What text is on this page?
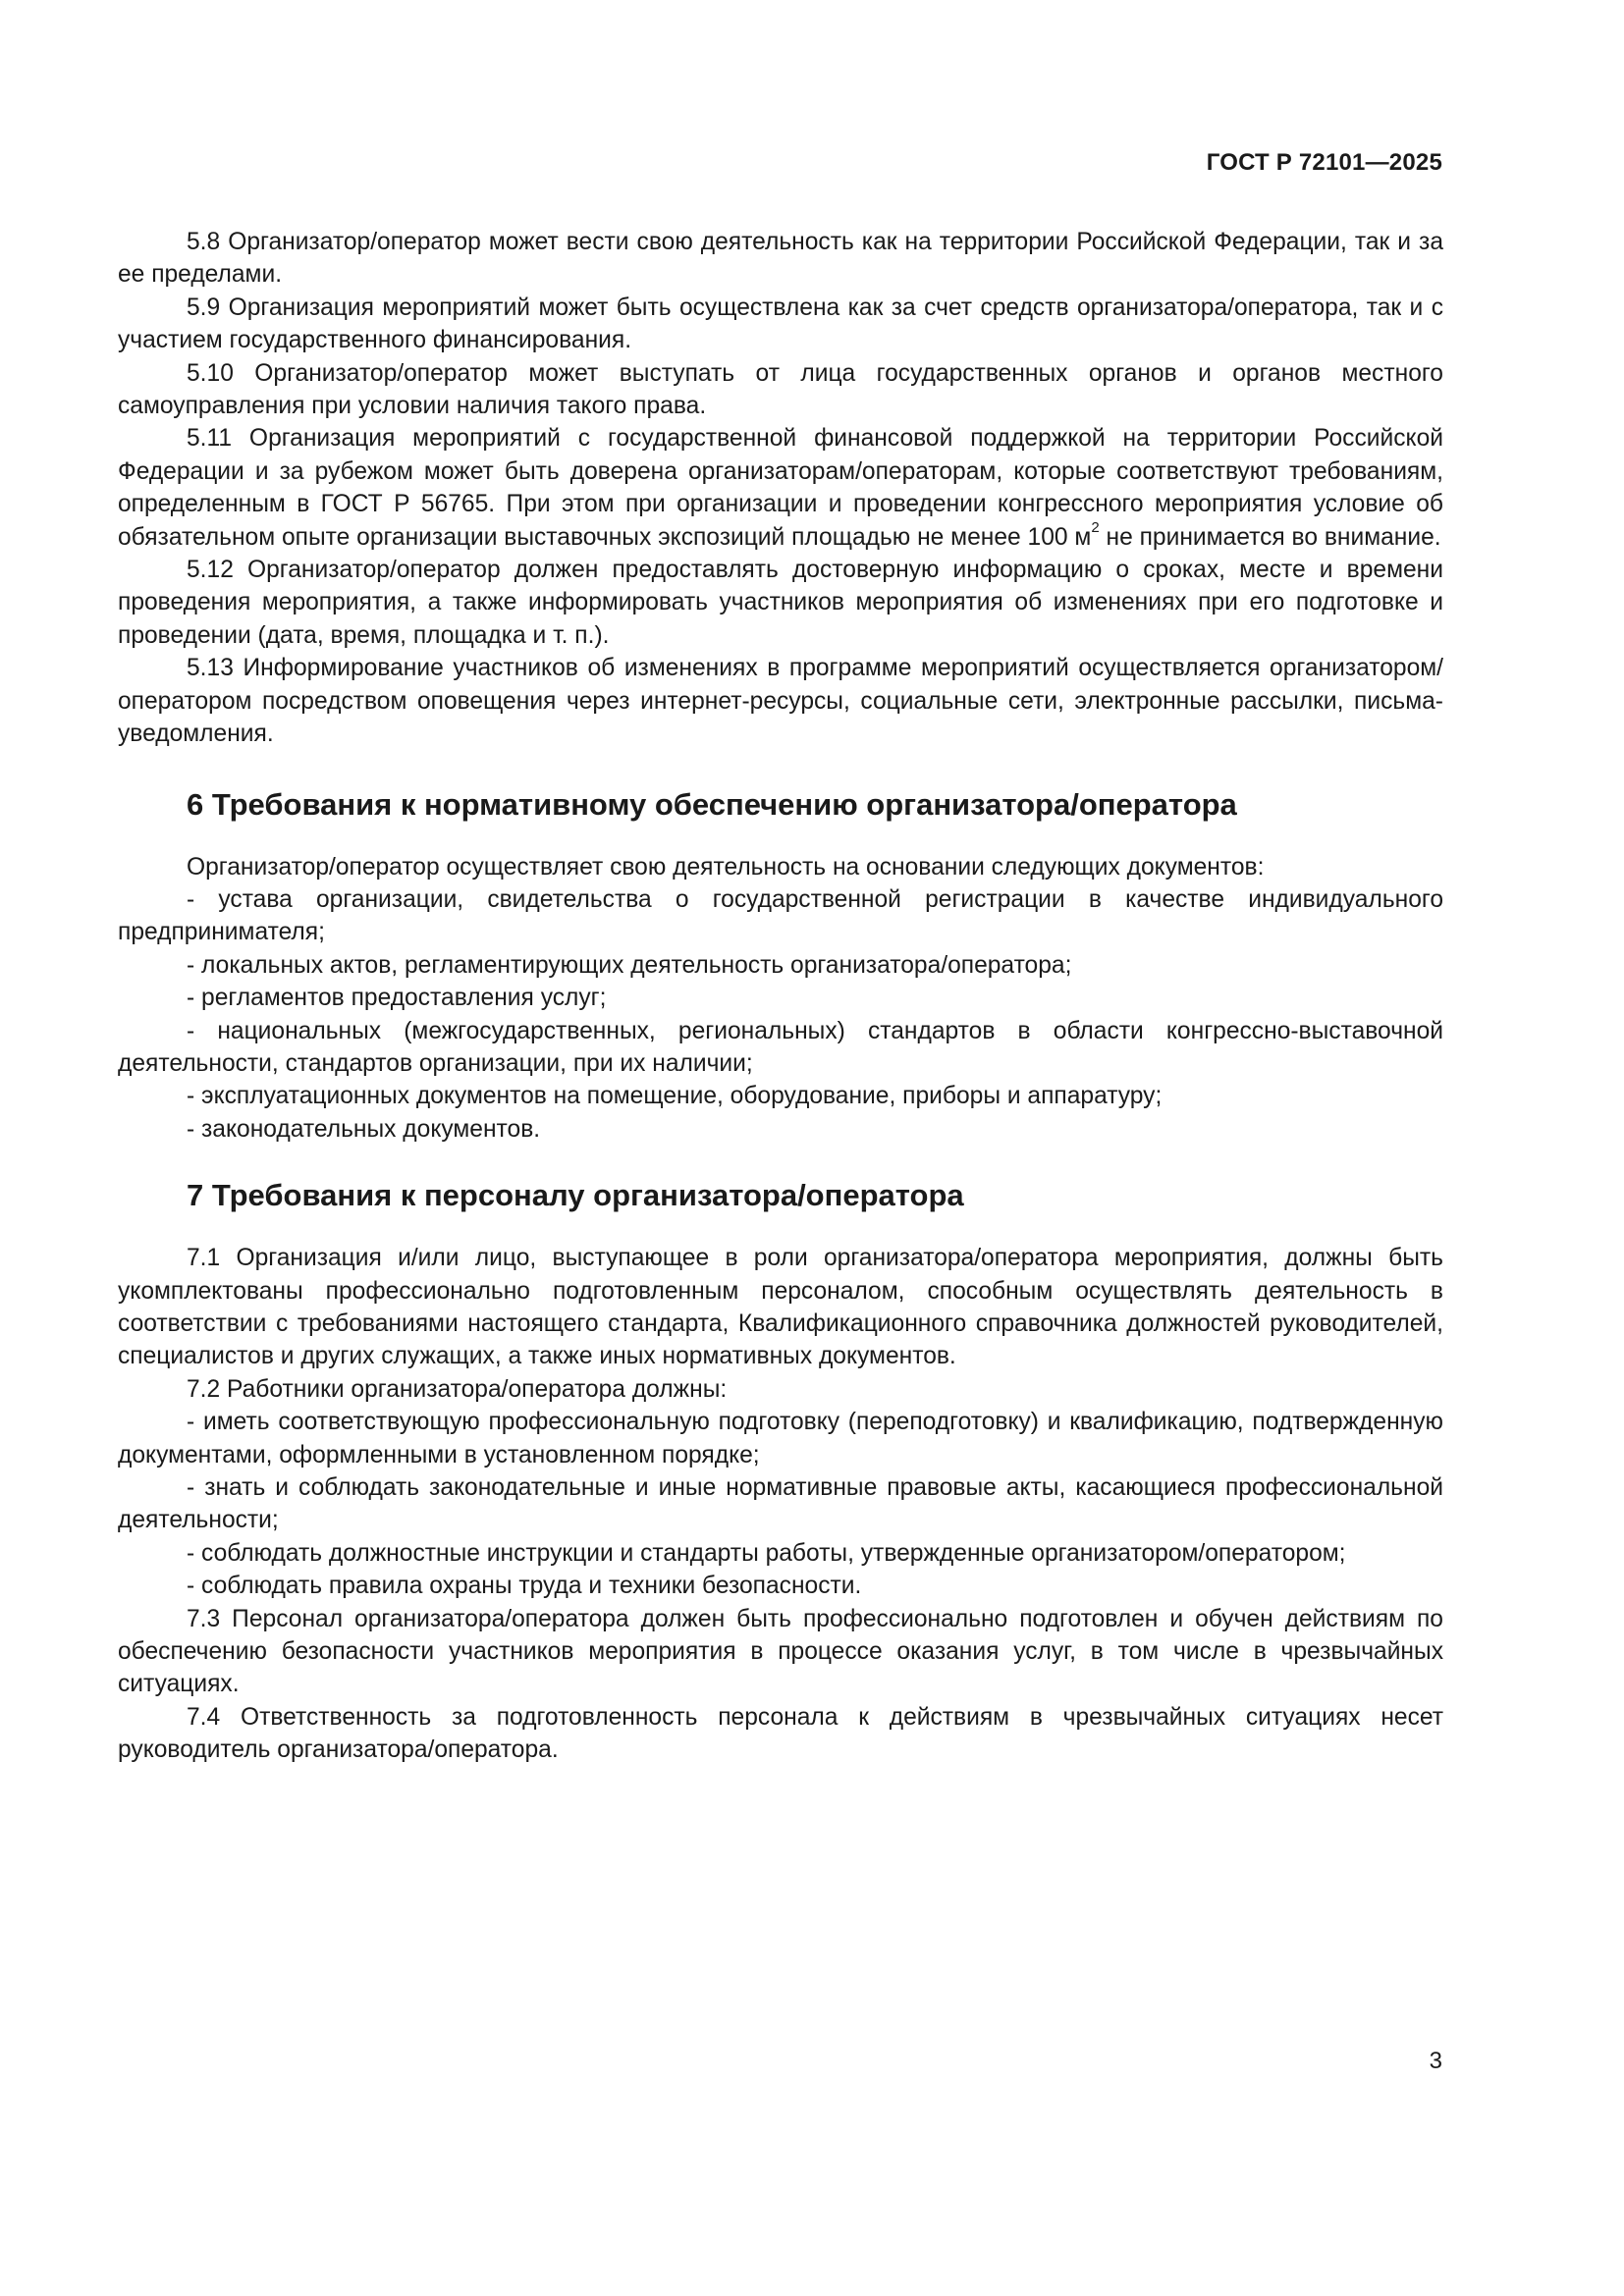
ГОСТ Р 72101—2025

5.8 Организатор/оператор может вести свою деятельность как на территории Российской Федерации, так и за ее пределами.

5.9 Организация мероприятий может быть осуществлена как за счет средств организатора/оператора, так и с участием государственного финансирования.

5.10 Организатор/оператор может выступать от лица государственных органов и органов местного самоуправления при условии наличия такого права.

5.11 Организация мероприятий с государственной финансовой поддержкой на территории Российской Федерации и за рубежом может быть доверена организаторам/операторам, которые соответствуют требованиям, определенным в ГОСТ Р 56765. При этом при организации и проведении конгрессного мероприятия условие об обязательном опыте организации выставочных экспозиций площадью не менее 100 $м^2$ не принимается во внимание.

5.12 Организатор/оператор должен предоставлять достоверную информацию о сроках, месте и времени проведения мероприятия, а также информировать участников мероприятия об изменениях при его подготовке и проведении (дата, время, площадка и т. п.).

5.13 Информирование участников об изменениях в программе мероприятий осуществляется организатором/оператором посредством оповещения через интернет-ресурсы, социальные сети, электронные рассылки, письма-уведомления.

6 Требования к нормативному обеспечению организатора/оператора

Организатор/оператор осуществляет свою деятельность на основании следующих документов:

- устава организации, свидетельства о государственной регистрации в качестве индивидуального предпринимателя;

- локальных актов, регламентирующих деятельность организатора/оператора;

- регламентов предоставления услуг;

- национальных (межгосударственных, региональных) стандартов в области конгрессно-выставочной деятельности, стандартов организации, при их наличии;

- эксплуатационных документов на помещение, оборудование, приборы и аппаратуру;

- законодательных документов.

7 Требования к персоналу организатора/оператора

7.1 Организация и/или лицо, выступающее в роли организатора/оператора мероприятия, должны быть укомплектованы профессионально подготовленным персоналом, способным осуществлять деятельность в соответствии с требованиями настоящего стандарта, Квалификационного справочника должностей руководителей, специалистов и других служащих, а также иных нормативных документов.

7.2 Работники организатора/оператора должны:

- иметь соответствующую профессиональную подготовку (переподготовку) и квалификацию, подтвержденную документами, оформленными в установленном порядке;

- знать и соблюдать законодательные и иные нормативные правовые акты, касающиеся профессиональной деятельности;

- соблюдать должностные инструкции и стандарты работы, утвержденные организатором/оператором;

- соблюдать правила охраны труда и техники безопасности.

7.3 Персонал организатора/оператора должен быть профессионально подготовлен и обучен действиям по обеспечению безопасности участников мероприятия в процессе оказания услуг, в том числе в чрезвычайных ситуациях.

7.4 Ответственность за подготовленность персонала к действиям в чрезвычайных ситуациях несет руководитель организатора/оператора.

3
